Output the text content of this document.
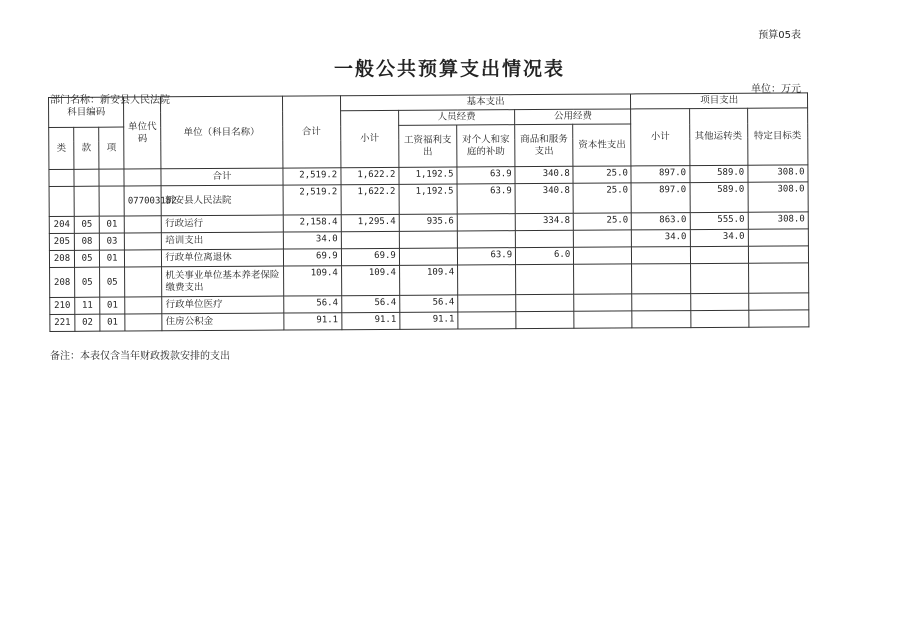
预算05表
一般公共预算支出情况表
单位：万元
部门名称：新安县人民法院
科目编码			单位代码	单位（科目名称）	合计	基本支出					项目支出		
						小计	人员经费		公用经费		小计	其他运转类	特定目标类
类	款	项					工资福利支出	对个人和家庭的补助	商品和服务支出	资本性支出			

				合计	2,519.2	1,622.2	1,192.5	63.9	340.8	25.0	897.0	589.0	308.0
			077003152	新安县人民法院	2,519.2	1,622.2	1,192.5	63.9	340.8	25.0	897.0	589.0	308.0
204	05	01		行政运行	2,158.4	1,295.4	935.6		334.8	25.0	863.0	555.0	308.0
205	08	03		培训支出	34.0						34.0	34.0	
208	05	01		行政单位离退休	69.9	69.9		63.9	6.0				
208	05	05		机关事业单位基本养老保险缴费支出	109.4	109.4	109.4						
210	11	01		行政单位医疗	56.4	56.4	56.4						
221	02	01		住房公积金	91.1	91.1	91.1						
备注：本表仅含当年财政拨款安排的支出
